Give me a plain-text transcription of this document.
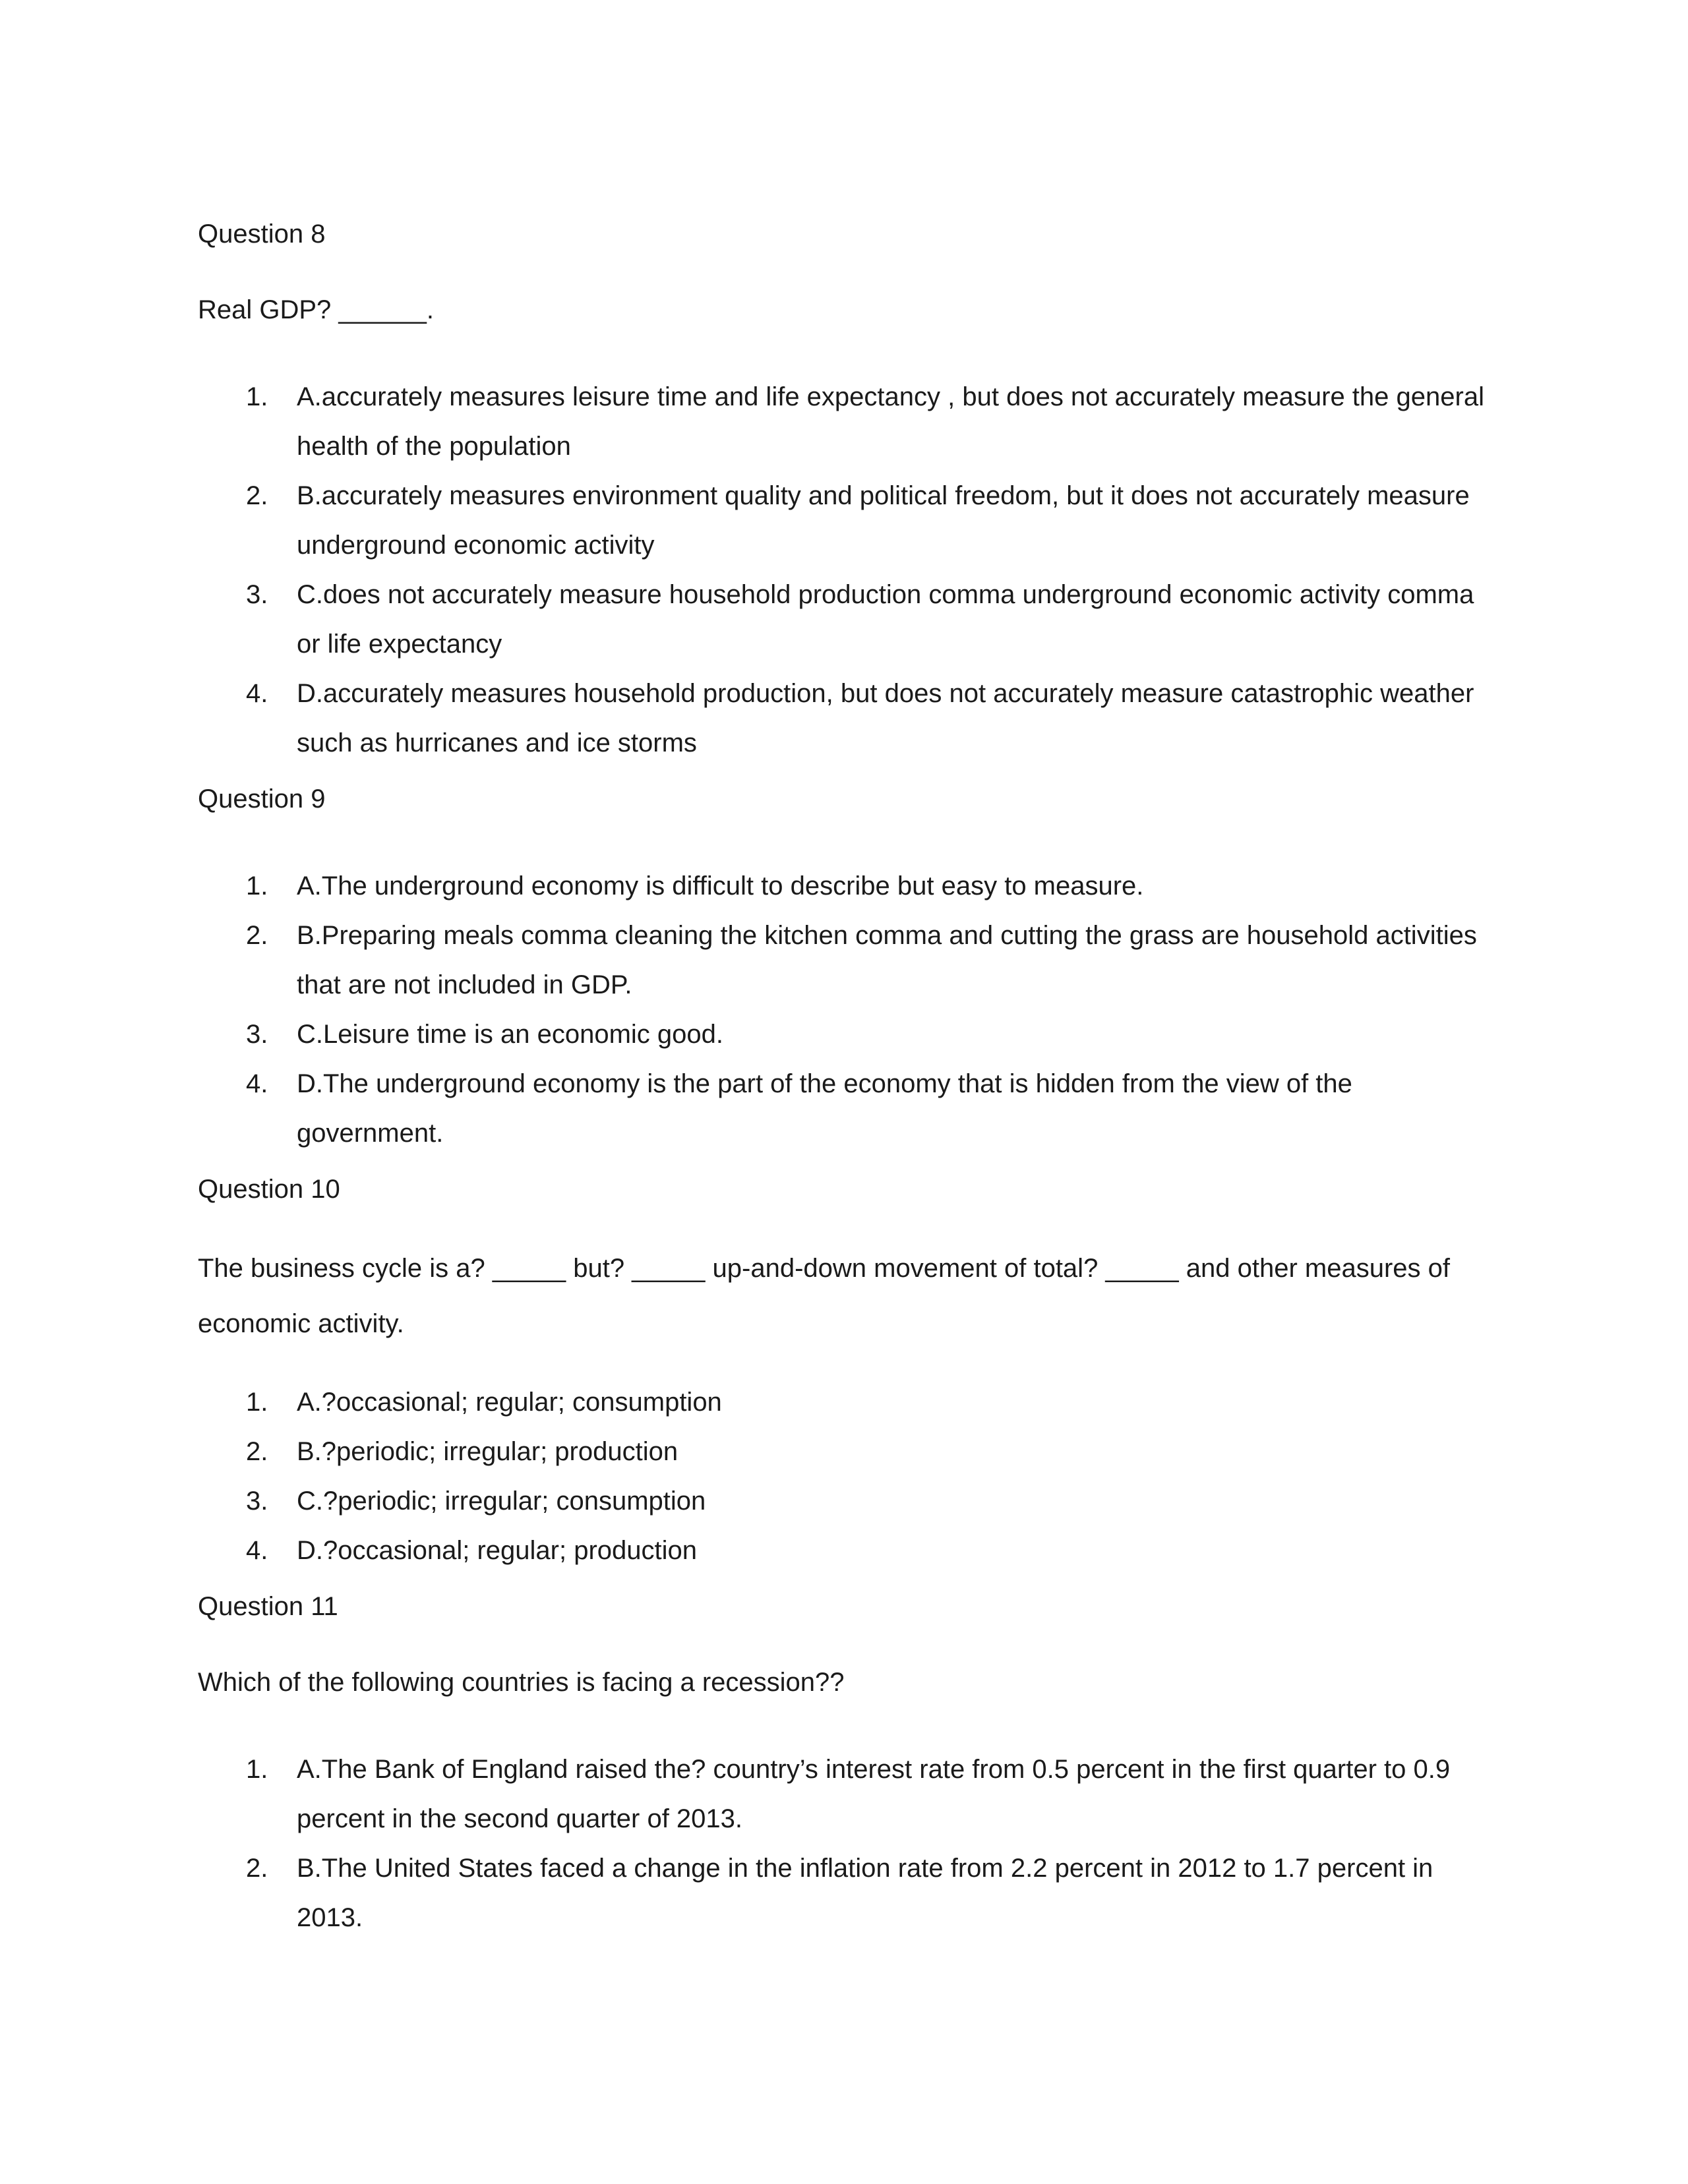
Question 8

Real GDP? ______.

1. A.accurately measures leisure time and life expectancy , but does not accurately measure the general health of the population
2. B.accurately measures environment quality and political freedom, but it does not accurately measure underground economic activity
3. C.does not accurately measure household production comma underground economic activity comma or life expectancy
4. D.accurately measures household production, but does not accurately measure catastrophic weather such as hurricanes and ice storms

Question 9

1. A.The underground economy is difficult to describe but easy to measure.
2. B.Preparing meals comma cleaning the kitchen comma and cutting the grass are household activities that are not included in GDP.
3. C.Leisure time is an economic good.
4. D.The underground economy is the part of the economy that is hidden from the view of the government.

Question 10

The business cycle is a? _____ but? _____ up-and-down movement of total? _____ and other measures of economic activity.

1. A.?occasional; regular; consumption
2. B.?periodic; irregular; production
3. C.?periodic; irregular; consumption
4. D.?occasional; regular; production

Question 11

Which of the following countries is facing a recession??

1. A.The Bank of England raised the? country’s interest rate from 0.5 percent in the first quarter to 0.9 percent in the second quarter of 2013.
2. B.The United States faced a change in the inflation rate from 2.2 percent in 2012 to 1.7 percent in 2013.
